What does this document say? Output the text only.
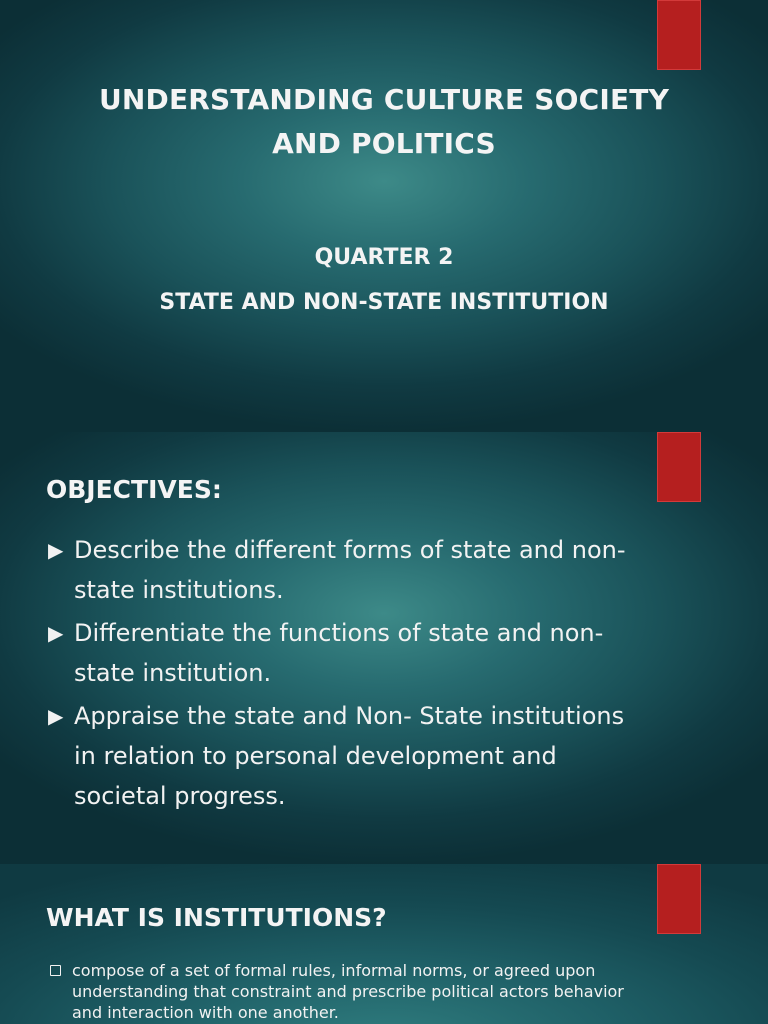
UNDERSTANDING CULTURE SOCIETY
AND POLITICS
QUARTER 2
STATE AND NON-STATE INSTITUTION
OBJECTIVES:
▶ Describe the different forms of state and non-
state institutions.
▶ Differentiate the functions of state and non-
state institution.
▶ Appraise the state and Non- State institutions
in relation to personal development and
societal progress.
WHAT IS INSTITUTIONS?
compose of a set of formal rules, informal norms, or agreed upon
understanding that constraint and prescribe political actors behavior
and interaction with one another.
